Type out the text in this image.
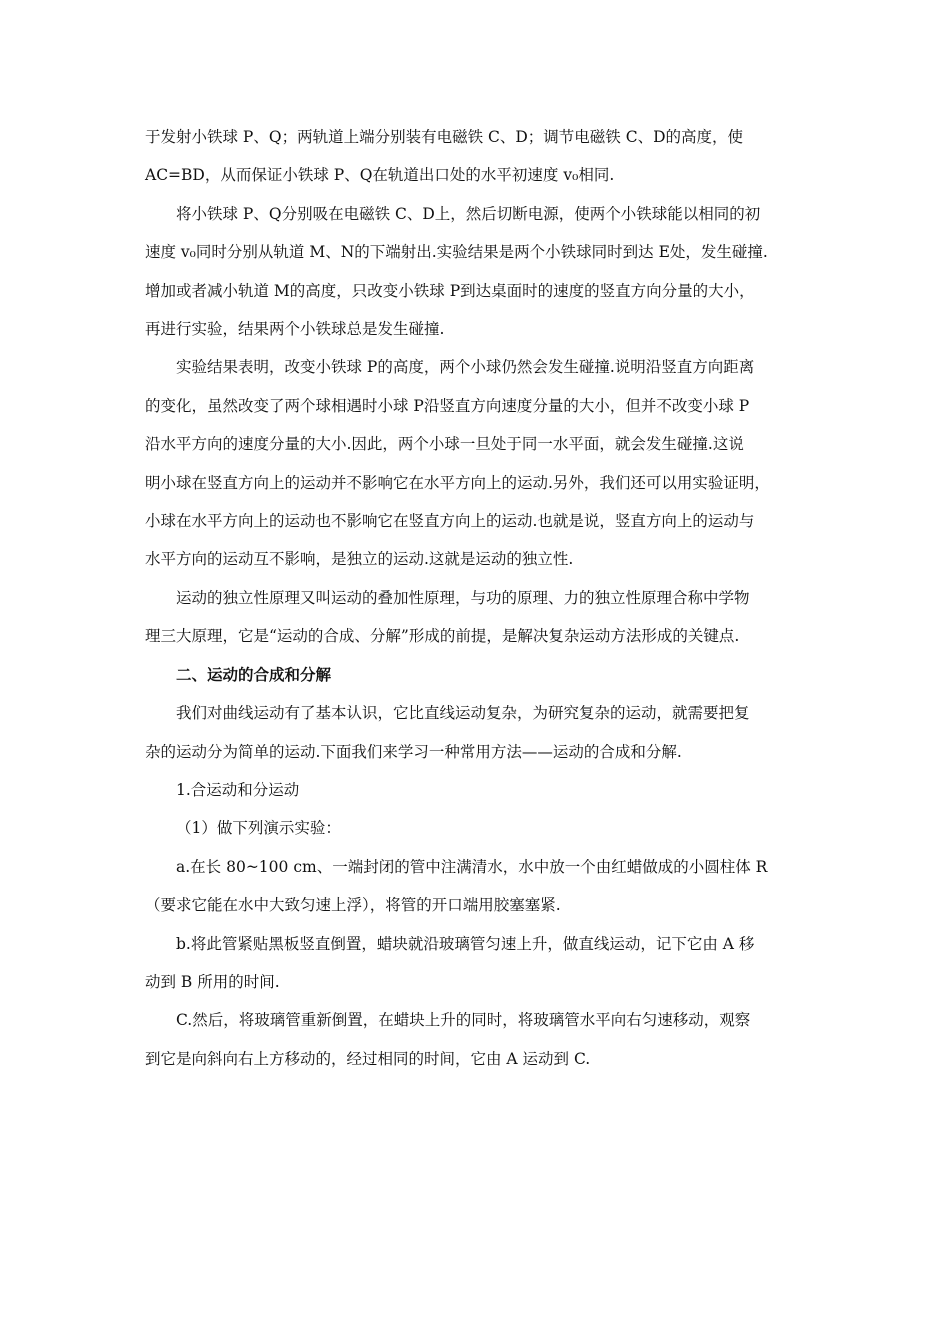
于发射小铁球 P、Q；两轨道上端分别装有电磁铁 C、D；调节电磁铁 C、D的高度，使
AC=BD，从而保证小铁球 P、Q在轨道出口处的水平初速度 v₀相同.

将小铁球 P、Q分别吸在电磁铁 C、D上，然后切断电源，使两个小铁球能以相同的初
速度 v₀同时分别从轨道 M、N的下端射出.实验结果是两个小铁球同时到达 E处，发生碰撞.
增加或者减小轨道 M的高度，只改变小铁球 P到达桌面时的速度的竖直方向分量的大小，
再进行实验，结果两个小铁球总是发生碰撞.

实验结果表明，改变小铁球 P的高度，两个小球仍然会发生碰撞.说明沿竖直方向距离
的变化，虽然改变了两个球相遇时小球 P沿竖直方向速度分量的大小，但并不改变小球 P
沿水平方向的速度分量的大小.因此，两个小球一旦处于同一水平面，就会发生碰撞.这说
明小球在竖直方向上的运动并不影响它在水平方向上的运动.另外，我们还可以用实验证明，
小球在水平方向上的运动也不影响它在竖直方向上的运动.也就是说，竖直方向上的运动与
水平方向的运动互不影响，是独立的运动.这就是运动的独立性.

运动的独立性原理又叫运动的叠加性原理，与功的原理、力的独立性原理合称中学物
理三大原理，它是“运动的合成、分解”形成的前提，是解决复杂运动方法形成的关键点.

二、运动的合成和分解

我们对曲线运动有了基本认识，它比直线运动复杂，为研究复杂的运动，就需要把复
杂的运动分为简单的运动.下面我们来学习一种常用方法——运动的合成和分解.

1.合运动和分运动

（1）做下列演示实验：

a.在长 80~100 cm、一端封闭的管中注满清水，水中放一个由红蜡做成的小圆柱体 R
（要求它能在水中大致匀速上浮），将管的开口端用胶塞塞紧.

b.将此管紧贴黑板竖直倒置，蜡块就沿玻璃管匀速上升，做直线运动，记下它由 A 移
动到 B 所用的时间.

C.然后，将玻璃管重新倒置，在蜡块上升的同时，将玻璃管水平向右匀速移动，观察
到它是向斜向右上方移动的，经过相同的时间，它由 A 运动到 C.
